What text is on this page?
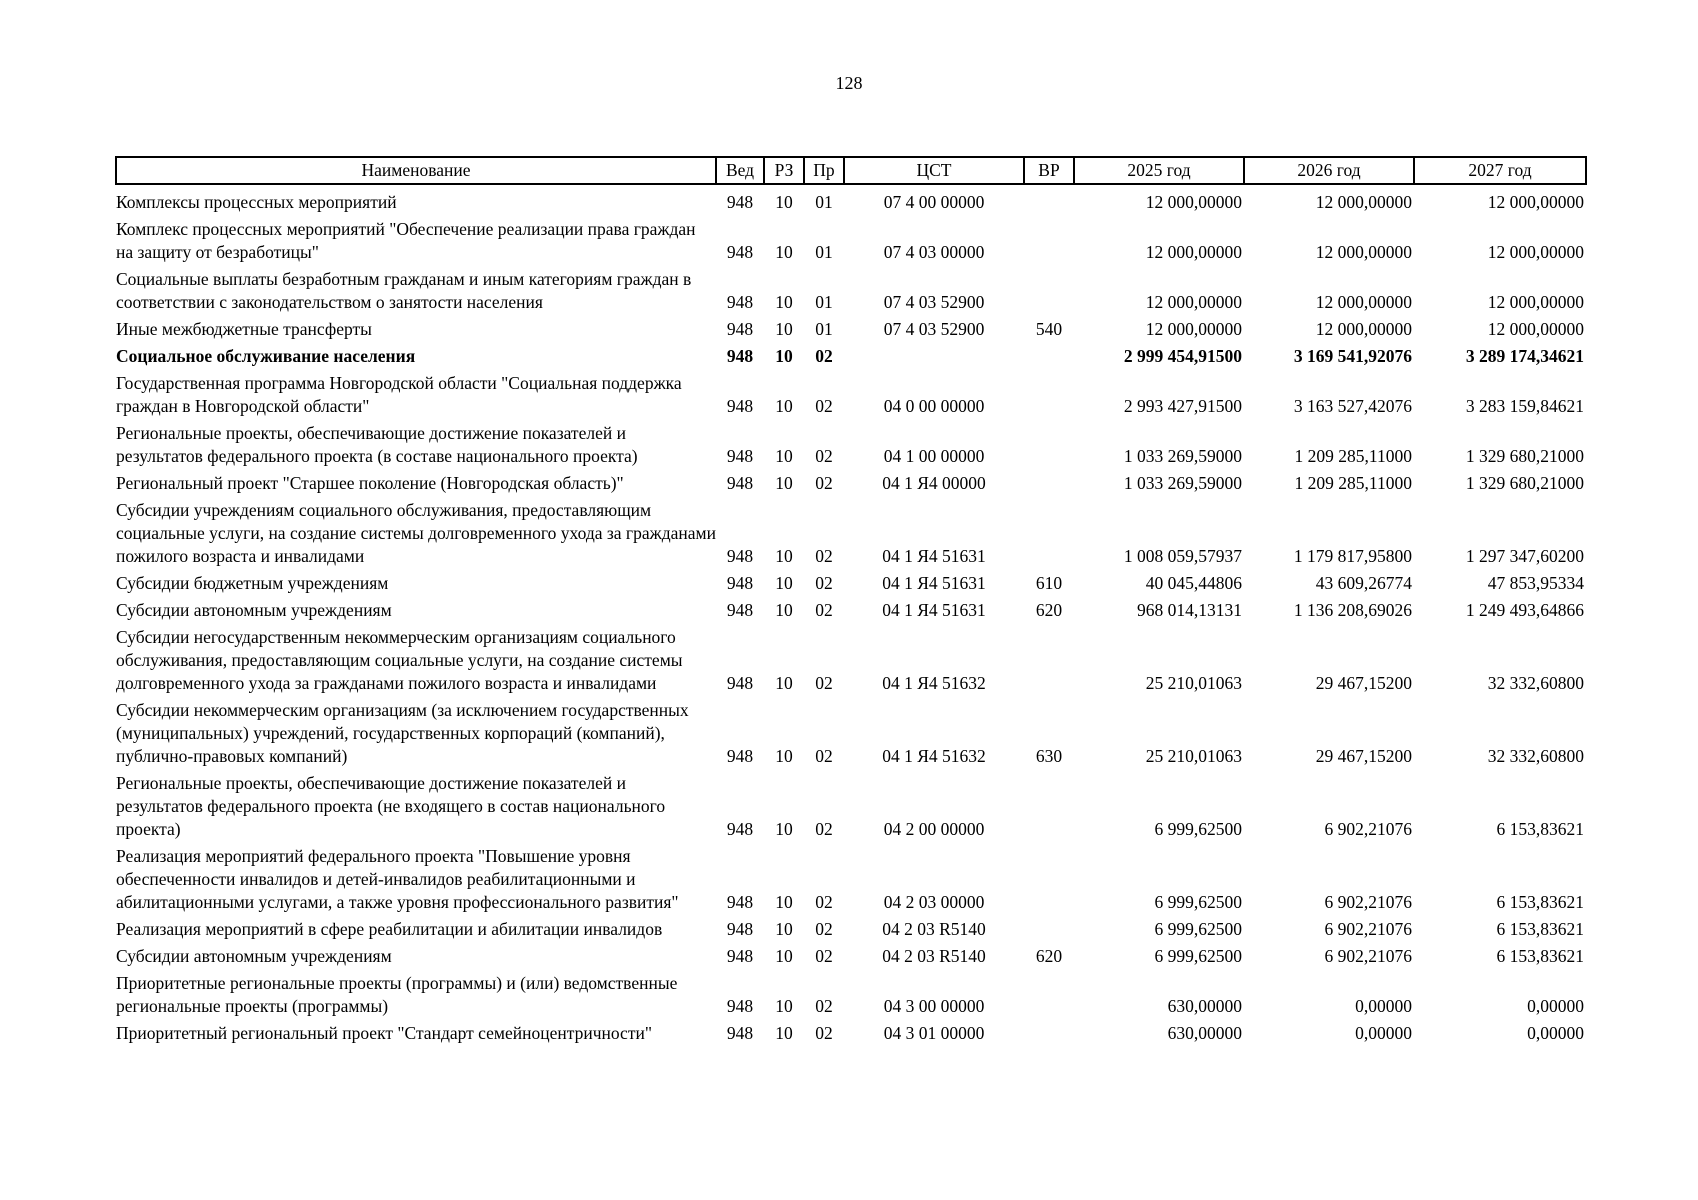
128
Наименование	Вед	РЗ	Пр	ЦСТ	ВР	2025 год	2026 год	2027 год
Комплексы процессных мероприятий	948	10	01	07 4 00 00000		12 000,00000	12 000,00000	12 000,00000
Комплекс процессных мероприятий "Обеспечение реализации права граждан на защиту от безработицы"	948	10	01	07 4 03 00000		12 000,00000	12 000,00000	12 000,00000
Социальные выплаты безработным гражданам и иным категориям граждан в соответствии с законодательством о занятости населения	948	10	01	07 4 03 52900		12 000,00000	12 000,00000	12 000,00000
Иные межбюджетные трансферты	948	10	01	07 4 03 52900	540	12 000,00000	12 000,00000	12 000,00000
Социальное обслуживание населения	948	10	02			2 999 454,91500	3 169 541,92076	3 289 174,34621
Государственная программа Новгородской области "Социальная поддержка граждан в Новгородской области"	948	10	02	04 0 00 00000		2 993 427,91500	3 163 527,42076	3 283 159,84621
Региональные проекты, обеспечивающие достижение показателей и результатов федерального проекта (в составе национального проекта)	948	10	02	04 1 00 00000		1 033 269,59000	1 209 285,11000	1 329 680,21000
Региональный проект "Старшее поколение (Новгородская область)"	948	10	02	04 1 Я4 00000		1 033 269,59000	1 209 285,11000	1 329 680,21000
Субсидии учреждениям социального обслуживания, предоставляющим социальные услуги, на создание системы долговременного ухода за гражданами пожилого возраста и инвалидами	948	10	02	04 1 Я4 51631		1 008 059,57937	1 179 817,95800	1 297 347,60200
Субсидии бюджетным учреждениям	948	10	02	04 1 Я4 51631	610	40 045,44806	43 609,26774	47 853,95334
Субсидии автономным учреждениям	948	10	02	04 1 Я4 51631	620	968 014,13131	1 136 208,69026	1 249 493,64866
Субсидии негосударственным некоммерческим организациям социального обслуживания, предоставляющим социальные услуги, на создание системы долговременного ухода за гражданами пожилого возраста и инвалидами	948	10	02	04 1 Я4 51632		25 210,01063	29 467,15200	32 332,60800
Субсидии некоммерческим организациям (за исключением государственных (муниципальных) учреждений, государственных корпораций (компаний), публично-правовых компаний)	948	10	02	04 1 Я4 51632	630	25 210,01063	29 467,15200	32 332,60800
Региональные проекты, обеспечивающие достижение показателей и результатов федерального проекта (не входящего в состав национального проекта)	948	10	02	04 2 00 00000		6 999,62500	6 902,21076	6 153,83621
Реализация мероприятий федерального проекта "Повышение уровня обеспеченности инвалидов и детей-инвалидов реабилитационными и абилитационными услугами, а также уровня профессионального развития"	948	10	02	04 2 03 00000		6 999,62500	6 902,21076	6 153,83621
Реализация мероприятий в сфере реабилитации и абилитации инвалидов	948	10	02	04 2 03 R5140		6 999,62500	6 902,21076	6 153,83621
Субсидии автономным учреждениям	948	10	02	04 2 03 R5140	620	6 999,62500	6 902,21076	6 153,83621
Приоритетные региональные проекты (программы) и (или) ведомственные региональные проекты (программы)	948	10	02	04 3 00 00000		630,00000	0,00000	0,00000
Приоритетный региональный проект "Стандарт семейноцентричности"	948	10	02	04 3 01 00000		630,00000	0,00000	0,00000
